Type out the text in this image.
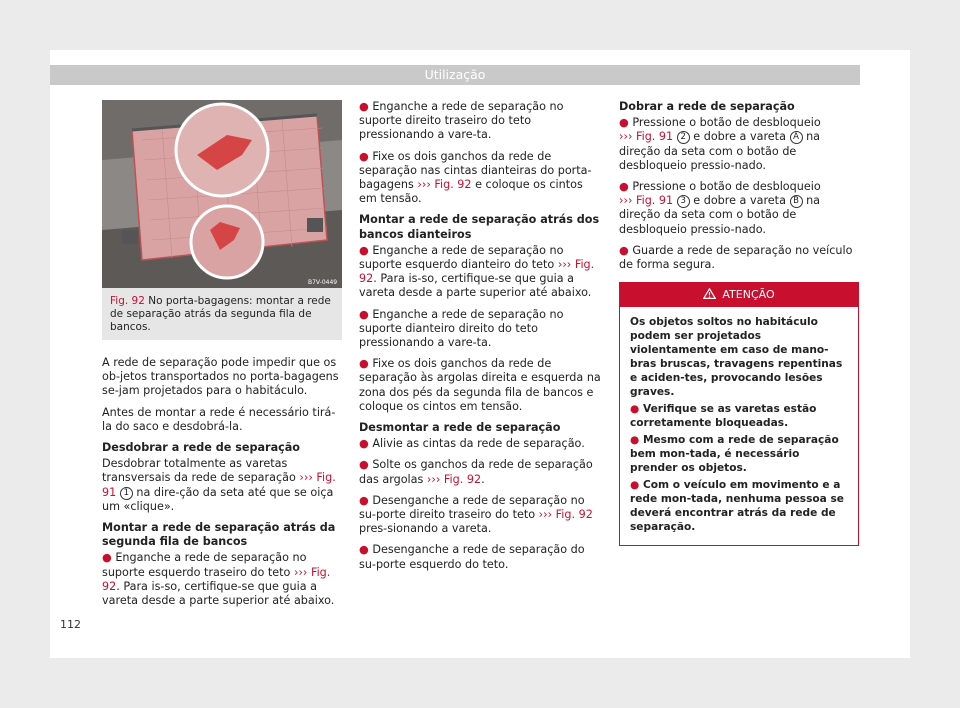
Utilização
B7V-0449
Fig. 92 No porta-bagagens: montar a rede de separação atrás da segunda fila de bancos.

A rede de separação pode impedir que os ob-jetos transportados no porta-bagagens se-jam projetados para o habitáculo.

Antes de montar a rede é necessário tirá-la do saco e desdobrá-la.

Desdobrar a rede de separação

Desdobrar totalmente as varetas transversais da rede de separação ››› Fig. 91 1 na dire-ção da seta até que se oiça um «clique».

Montar a rede de separação atrás da segunda fila de bancos

● Enganche a rede de separação no suporte esquerdo traseiro do teto ››› Fig. 92. Para is-so, certifique-se que guia a vareta desde a parte superior até abaixo.

● Enganche a rede de separação no suporte direito traseiro do teto pressionando a vare-ta.

● Fixe os dois ganchos da rede de separação nas cintas dianteiras do porta-bagagens ››› Fig. 92 e coloque os cintos em tensão.

Montar a rede de separação atrás dos bancos dianteiros

● Enganche a rede de separação no suporte esquerdo dianteiro do teto ››› Fig. 92. Para is-so, certifique-se que guia a vareta desde a parte superior até abaixo.

● Enganche a rede de separação no suporte dianteiro direito do teto pressionando a vare-ta.

● Fixe os dois ganchos da rede de separação às argolas direita e esquerda na zona dos pés da segunda fila de bancos e coloque os cintos em tensão.

Desmontar a rede de separação

● Alivie as cintas da rede de separação.

● Solte os ganchos da rede de separação das argolas ››› Fig. 92.

● Desenganche a rede de separação no su-porte direito traseiro do teto ››› Fig. 92 pres-sionando a vareta.

● Desenganche a rede de separação do su-porte esquerdo do teto.

Dobrar a rede de separação

● Pressione o botão de desbloqueio
››› Fig. 91 2 e dobre a vareta A na direção da seta com o botão de desbloqueio pressio-nado.

● Pressione o botão de desbloqueio
››› Fig. 91 3 e dobre a vareta B na direção da seta com o botão de desbloqueio pressio-nado.

● Guarde a rede de separação no veículo de forma segura.

ATENÇÃO

Os objetos soltos no habitáculo podem ser projetados violentamente em caso de mano-bras bruscas, travagens repentinas e aciden-tes, provocando lesões graves.

● Verifique se as varetas estão corretamente bloqueadas.

● Mesmo com a rede de separação bem mon-tada, é necessário prender os objetos.

● Com o veículo em movimento e a rede mon-tada, nenhuma pessoa se deverá encontrar atrás da rede de separação.

112
